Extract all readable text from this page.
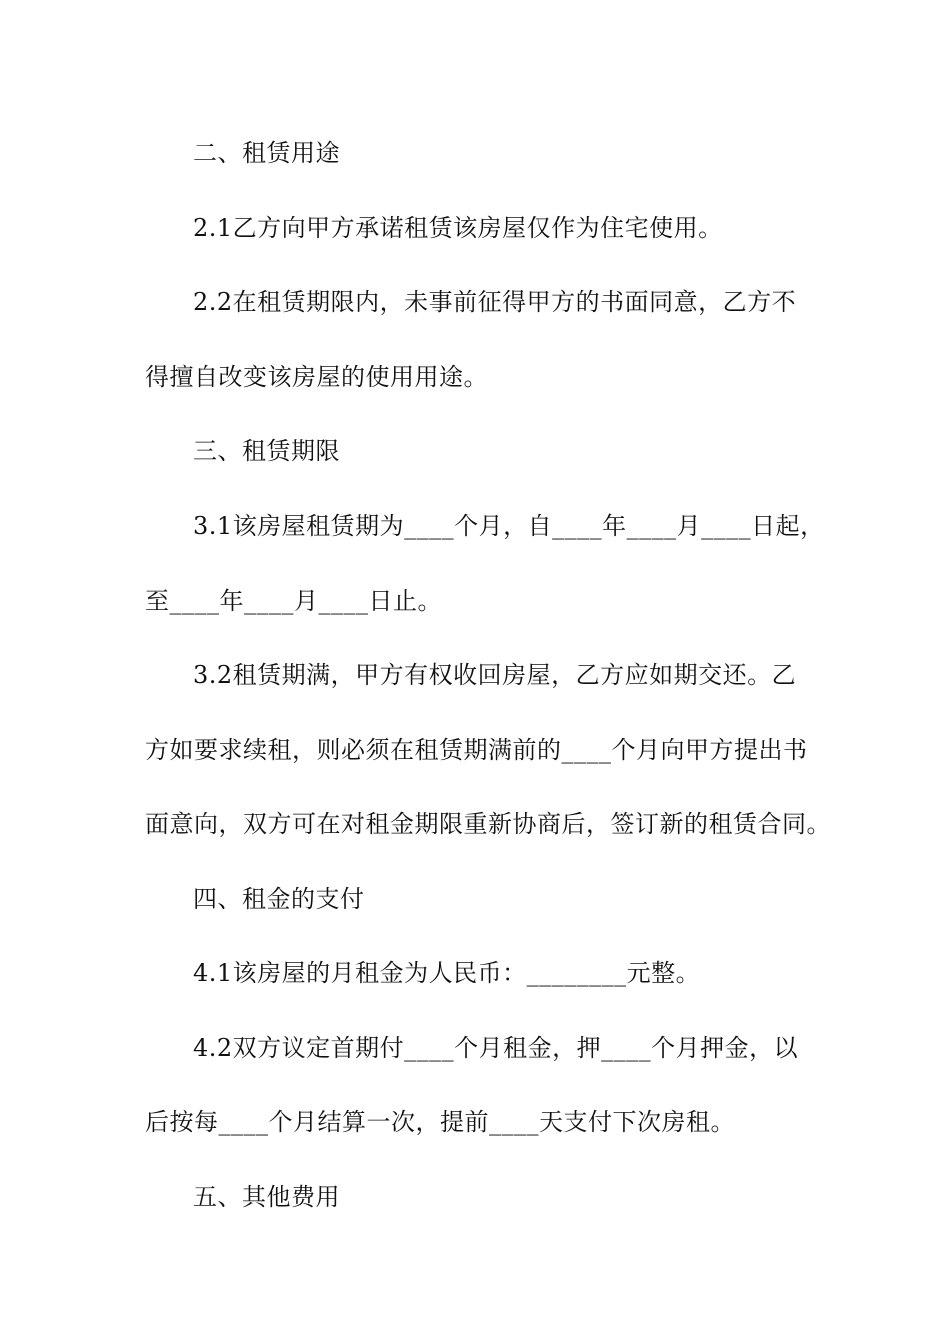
二、租赁用途
2.1乙方向甲方承诺租赁该房屋仅作为住宅使用。
2.2在租赁期限内，未事前征得甲方的书面同意，乙方不
得擅自改变该房屋的使用用途。
三、租赁期限
3.1该房屋租赁期为____个月，自____年____月____日起，
至____年____月____日止。
3.2租赁期满，甲方有权收回房屋，乙方应如期交还。乙
方如要求续租，则必须在租赁期满前的____个月向甲方提出书
面意向，双方可在对租金期限重新协商后，签订新的租赁合同。
四、租金的支付
4.1该房屋的月租金为人民币：________元整。
4.2双方议定首期付____个月租金，押____个月押金，以
后按每____个月结算一次，提前____天支付下次房租。
五、其他费用
